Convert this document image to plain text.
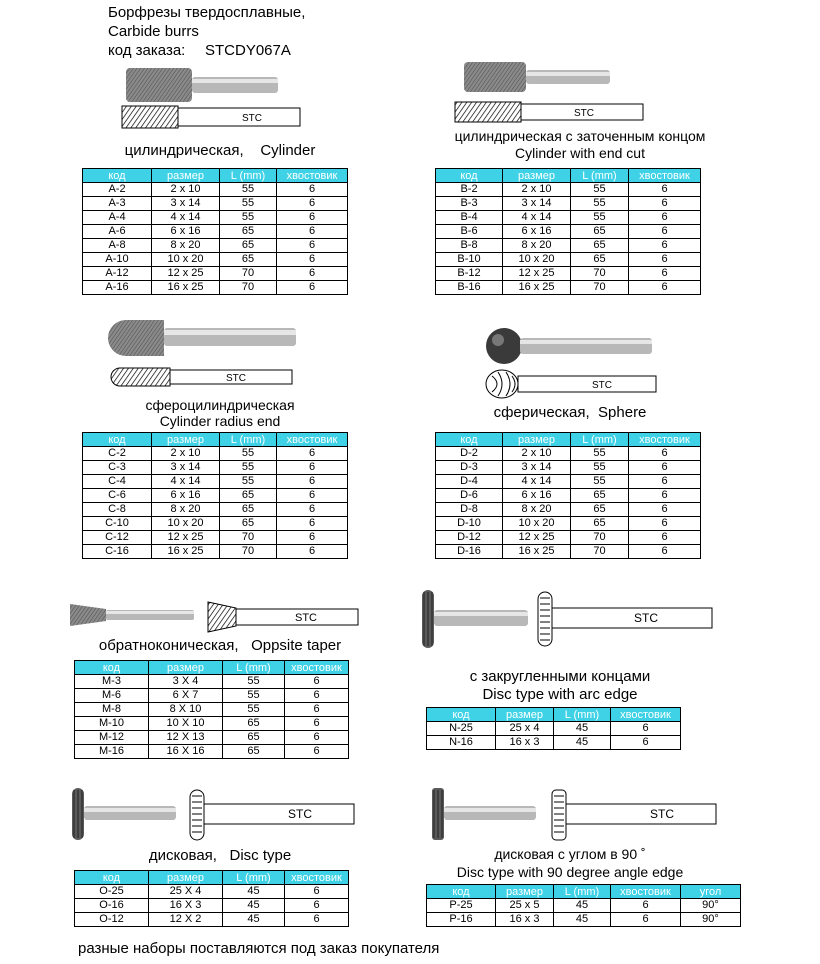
Борфрезы твердосплавные,
Carbide burrs
код заказа: STCDY067A
STC
цилиндрическая, Cylinder
STC
цилиндрическая с заточенным концом
Cylinder with end cut
STC
сфероцилиндрическая
Cylinder radius end
STC
сферическая, Sphere
STC
обратноконическая, Oppsite taper
STC
с закругленными концами
Disc type with arc edge
STC
дисковая, Disc type
STC
дисковая с углом в 90 ˚
Disc type with 90 degree angle edge
код	размер	L (mm)	хвостовик
A-2	2 x 10	55	6
A-3	3 x 14	55	6
A-4	4 x 14	55	6
A-6	6 x 16	65	6
A-8	8 x 20	65	6
A-10	10 x 20	65	6
A-12	12 x 25	70	6
A-16	16 x 25	70	6
код	размер	L (mm)	хвостовик
B-2	2 x 10	55	6
B-3	3 x 14	55	6
B-4	4 x 14	55	6
B-6	6 x 16	65	6
B-8	8 x 20	65	6
B-10	10 x 20	65	6
B-12	12 x 25	70	6
B-16	16 x 25	70	6
код	размер	L (mm)	хвостовик
C-2	2 x 10	55	6
C-3	3 x 14	55	6
C-4	4 x 14	55	6
C-6	6 x 16	65	6
C-8	8 x 20	65	6
C-10	10 x 20	65	6
C-12	12 x 25	70	6
C-16	16 x 25	70	6
код	размер	L (mm)	хвостовик
D-2	2 x 10	55	6
D-3	3 x 14	55	6
D-4	4 x 14	55	6
D-6	6 x 16	65	6
D-8	8 x 20	65	6
D-10	10 x 20	65	6
D-12	12 x 25	70	6
D-16	16 x 25	70	6
код	размер	L (mm)	хвостовик
M-3	3 X 4	55	6
M-6	6 X 7	55	6
M-8	8 X 10	55	6
M-10	10 X 10	65	6
M-12	12 X 13	65	6
M-16	16 X 16	65	6
код	размер	L (mm)	хвостовик
N-25	25 x 4	45	6
N-16	16 x 3	45	6
код	размер	L (mm)	хвостовик
O-25	25 X 4	45	6
O-16	16 X 3	45	6
O-12	12 X 2	45	6
код	размер	L (mm)	хвостовик	угол
P-25	25 x 5	45	6	90°
P-16	16 x 3	45	6	90°
разные наборы поставляются под заказ покупателя
